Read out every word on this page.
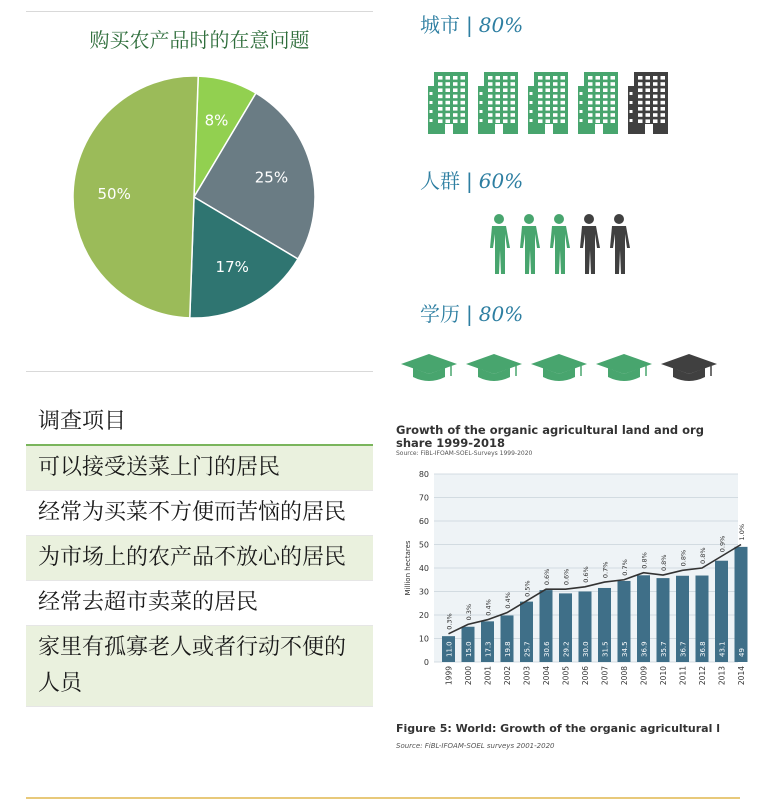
购买农产品时的在意问题
8%
25%
17%
50%
城市 | 80%
人群 | 60%
学历 | 80%
调查项目
可以接受送菜上门的居民
经常为买菜不方便而苦恼的居民
为市场上的农产品不放心的居民
经常去超市卖菜的居民
家里有孤寡老人或者行动不便的人员
Growth of the organic agricultural land and org
share 1999-2018
Source: FiBL-IFOAM-SOEL-Surveys 1999-2020
0
10
20
30
40
50
60
70
80
Million hectares
11.0
0.3%
1999
15.0
0.3%
2000
17.3
0.4%
2001
19.8
0.4%
2002
25.7
0.5%
2003
30.6
0.6%
2004
29.2
0.6%
2005
30.0
0.6%
2006
31.5
0.7%
2007
34.5
0.7%
2008
36.9
0.8%
2009
35.7
0.8%
2010
36.7
0.8%
2011
36.8
0.8%
2012
43.1
0.9%
2013
49
1.0%
2014
Figure 5: World: Growth of the organic agricultural l
Source: FiBL-IFOAM-SOEL surveys 2001-2020
